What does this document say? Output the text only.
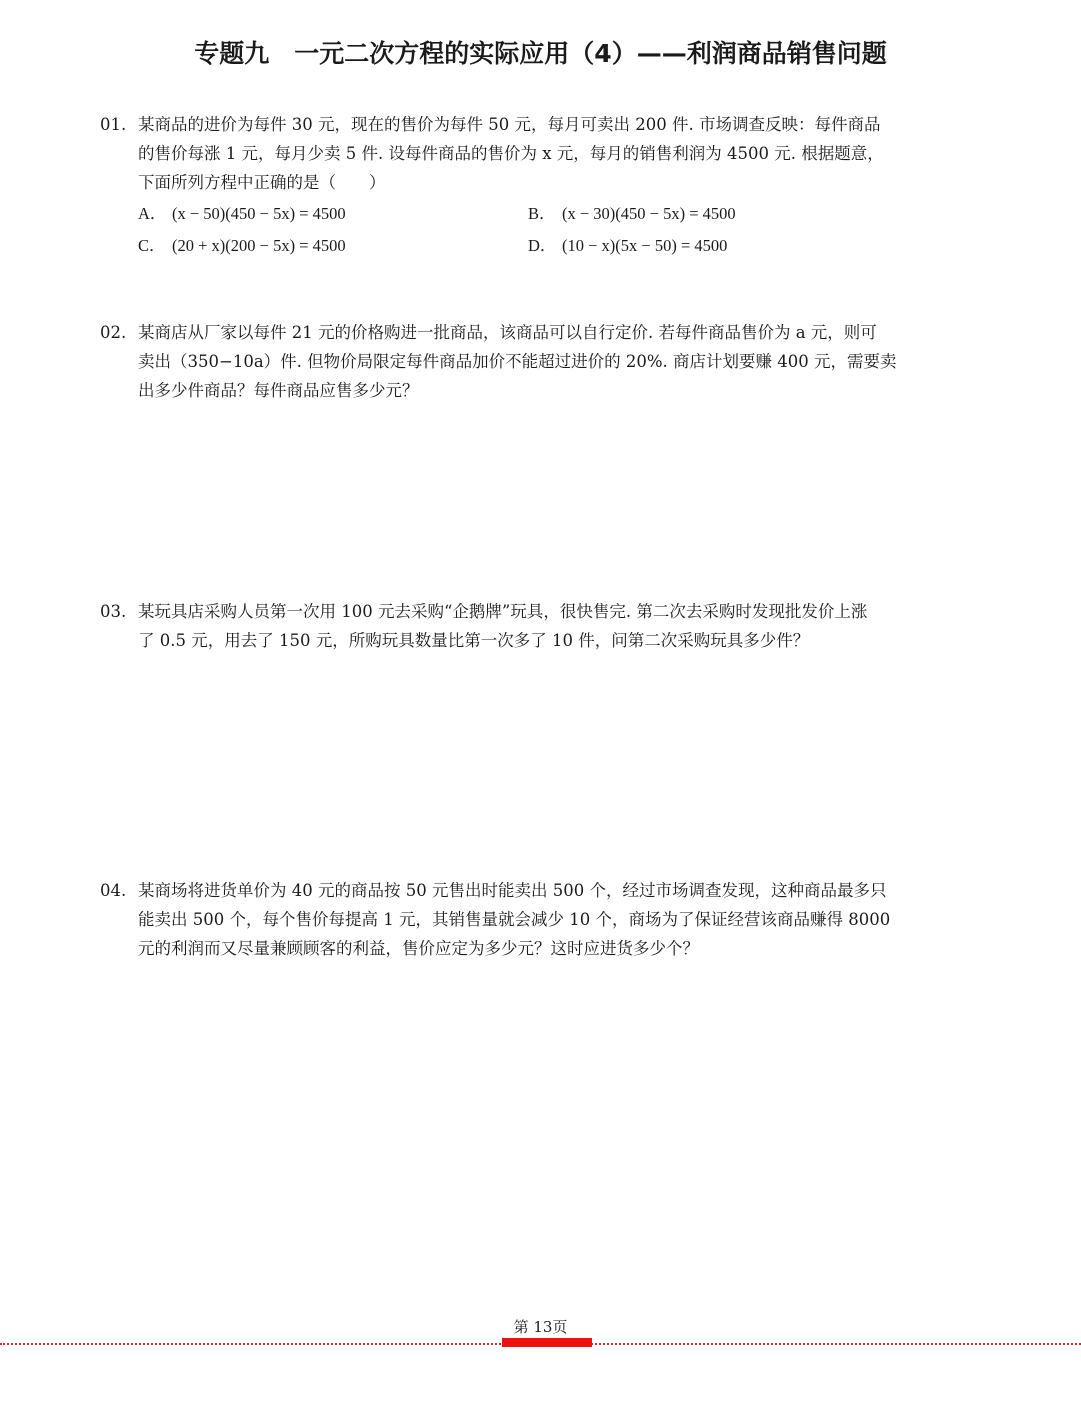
专题九　一元二次方程的实际应用（4）——利润商品销售问题
01. 某商品的进价为每件 30 元，现在的售价为每件 50 元，每月可卖出 200 件. 市场调查反映：每件商品
的售价每涨 1 元，每月少卖 5 件. 设每件商品的售价为 x 元，每月的销售利润为 4500 元. 根据题意，
下面所列方程中正确的是（　　）
A． (x − 50)(450 − 5x) = 4500	B． (x − 30)(450 − 5x) = 4500
C． (20 + x)(200 − 5x) = 4500	D． (10 − x)(5x − 50) = 4500
02. 某商店从厂家以每件 21 元的价格购进一批商品，该商品可以自行定价. 若每件商品售价为 a 元，则可
卖出（350−10a）件. 但物价局限定每件商品加价不能超过进价的 20%. 商店计划要赚 400 元，需要卖
出多少件商品？每件商品应售多少元？
03. 某玩具店采购人员第一次用 100 元去采购“企鹅牌”玩具，很快售完. 第二次去采购时发现批发价上涨
了 0.5 元，用去了 150 元，所购玩具数量比第一次多了 10 件，问第二次采购玩具多少件？
04. 某商场将进货单价为 40 元的商品按 50 元售出时能卖出 500 个，经过市场调查发现，这种商品最多只
能卖出 500 个，每个售价每提高 1 元，其销售量就会减少 10 个，商场为了保证经营该商品赚得 8000
元的利润而又尽量兼顾顾客的利益，售价应定为多少元？这时应进货多少个？
第 13页
